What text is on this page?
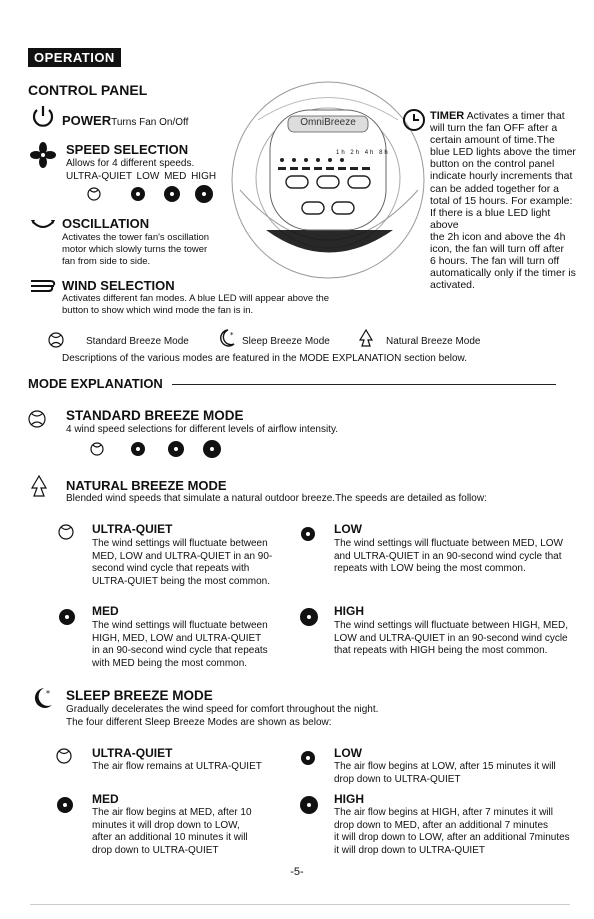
OPERATION
CONTROL PANEL
OmniBreeze
1h 2h 4h 8h
POWERTurns Fan On/Off
SPEED SELECTION
Allows for 4 different speeds.
ULTRA-QUIET LOW MED HIGH
OSCILLATION
Activates the tower fan's oscillation
motor which slowly turns the tower
fan from side to side.
WIND SELECTION
Activates different fan modes. A blue LED will appear above the
button to show which wind mode the fan is in.
TIMER Activates a timer that
will turn the fan OFF after a
certain amount of time.The
blue LED lights above the timer
button on the control panel
indicate hourly increments that
can be added together for a
total of 15 hours. For example:
If there is a blue LED light above
the 2h icon and above the 4h
icon, the fan will turn off after
6 hours. The fan will turn off
automatically only if the timer is
activated.
Standard Breeze Mode
*
Sleep Breeze Mode	Natural Breeze Mode
Descriptions of the various modes are featured in the MODE EXPLANATION section below.
MODE EXPLANATION
STANDARD BREEZE MODE
4 wind speed selections for different levels of airflow intensity.
NATURAL BREEZE MODE
Blended wind speeds that simulate a natural outdoor breeze.The speeds are detailed as follow:
ULTRA-QUIET
The wind settings will fluctuate between
MED, LOW and ULTRA-QUIET in an 90-
second wind cycle that repeats with
ULTRA-QUIET being the most common.
LOW
The wind settings will fluctuate between MED, LOW
and ULTRA-QUIET in an 90-second wind cycle that
repeats with LOW being the most common.
MED
The wind settings will fluctuate between
HIGH, MED, LOW and ULTRA-QUIET
in an 90-second wind cycle that repeats
with MED being the most common.
HIGH
The wind settings will fluctuate between HIGH, MED,
LOW and ULTRA-QUIET in an 90-second wind cycle
that repeats with HIGH being the most common.
* SLEEP BREEZE MODE
Gradually decelerates the wind speed for comfort throughout the night.
The four different Sleep Breeze Modes are shown as below:
ULTRA-QUIET
The air flow remains at ULTRA-QUIET
LOW
The air flow begins at LOW, after 15 minutes it will
drop down to ULTRA-QUIET
MED
The air flow begins at MED, after 10
minutes it will drop down to LOW,
after an additional 10 minutes it will
drop down to ULTRA-QUIET
HIGH
The air flow begins at HIGH, after 7 minutes it will
drop down to MED, after an additional 7 minutes
it will drop down to LOW, after an additional 7minutes
it will drop down to ULTRA-QUIET
-5-
